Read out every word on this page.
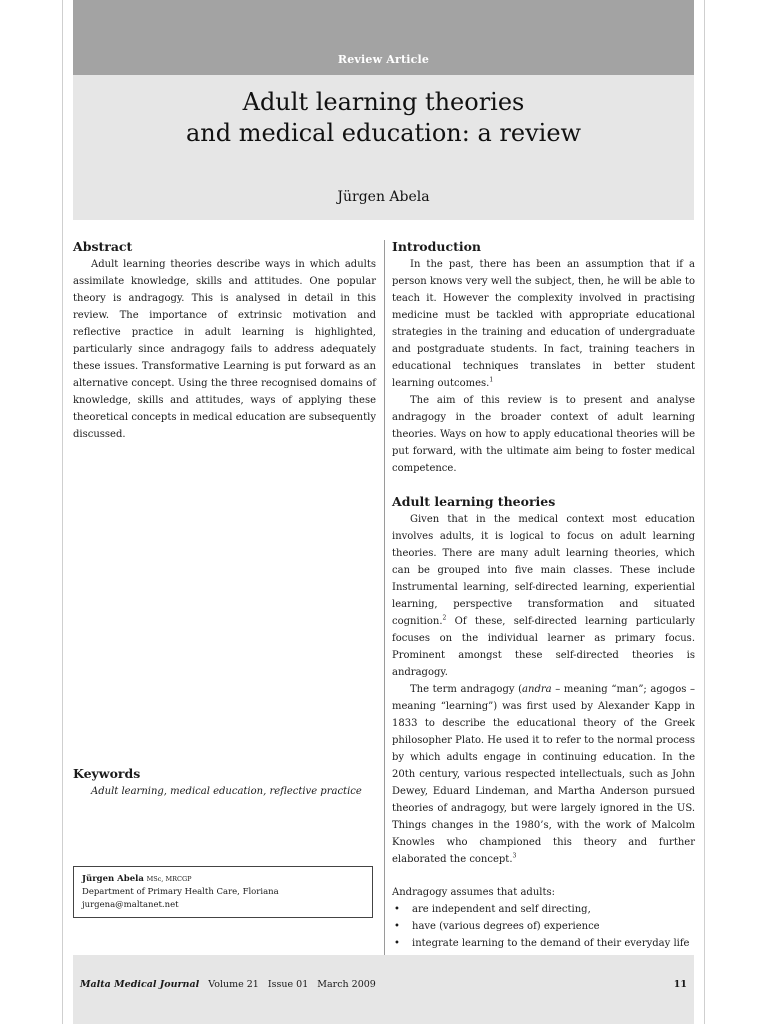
Review Article
Adult learning theories
and medical education: a review
Jürgen Abela
Abstract

Adult learning theories describe ways in which adults assimilate knowledge, skills and attitudes. One popular theory is andragogy. This is analysed in detail in this review. The importance of extrinsic motivation and reflective practice in adult learning is highlighted, particularly since andragogy fails to address adequately these issues. Transformative Learning is put forward as an alternative concept. Using the three recognised domains of knowledge, skills and attitudes, ways of applying these theoretical concepts in medical education are subsequently discussed.

Keywords

Adult learning, medical education, reflective practice

Jürgen Abela MSc, MRCGP
Department of Primary Health Care, Floriana
jurgena@maltanet.net
Introduction

In the past, there has been an assumption that if a person knows very well the subject, then, he will be able to teach it. However the complexity involved in practising medicine must be tackled with appropriate educational strategies in the training and education of undergraduate and postgraduate students. In fact, training teachers in educational techniques translates in better student learning outcomes.$^1$

The aim of this review is to present and analyse andragogy in the broader context of adult learning theories. Ways on how to apply educational theories will be put forward, with the ultimate aim being to foster medical competence.

Adult learning theories

Given that in the medical context most education involves adults, it is logical to focus on adult learning theories. There are many adult learning theories, which can be grouped into five main classes. These include Instrumental learning, self-directed learning, experiential learning, perspective transformation and situated cognition.$^2$ Of these, self-directed learning particularly focuses on the individual learner as primary focus. Prominent amongst these self-directed theories is andragogy.

The term andragogy (andra – meaning “man”; agogos – meaning “learning”) was first used by Alexander Kapp in 1833 to describe the educational theory of the Greek philosopher Plato. He used it to refer to the normal process by which adults engage in continuing education. In the 20th century, various respected intellectuals, such as John Dewey, Eduard Lindeman, and Martha Anderson pursued theories of andragogy, but were largely ignored in the US. Things changes in the 1980’s, with the work of Malcolm Knowles who championed this theory and further elaborated the concept.$^3$

Andragogy assumes that adults:

• are independent and self directing,
• have (various degrees of) experience
• integrate learning to the demand of their everyday life
•
•
Malta Medical Journal Volume 21 Issue 01 March 2009	11
